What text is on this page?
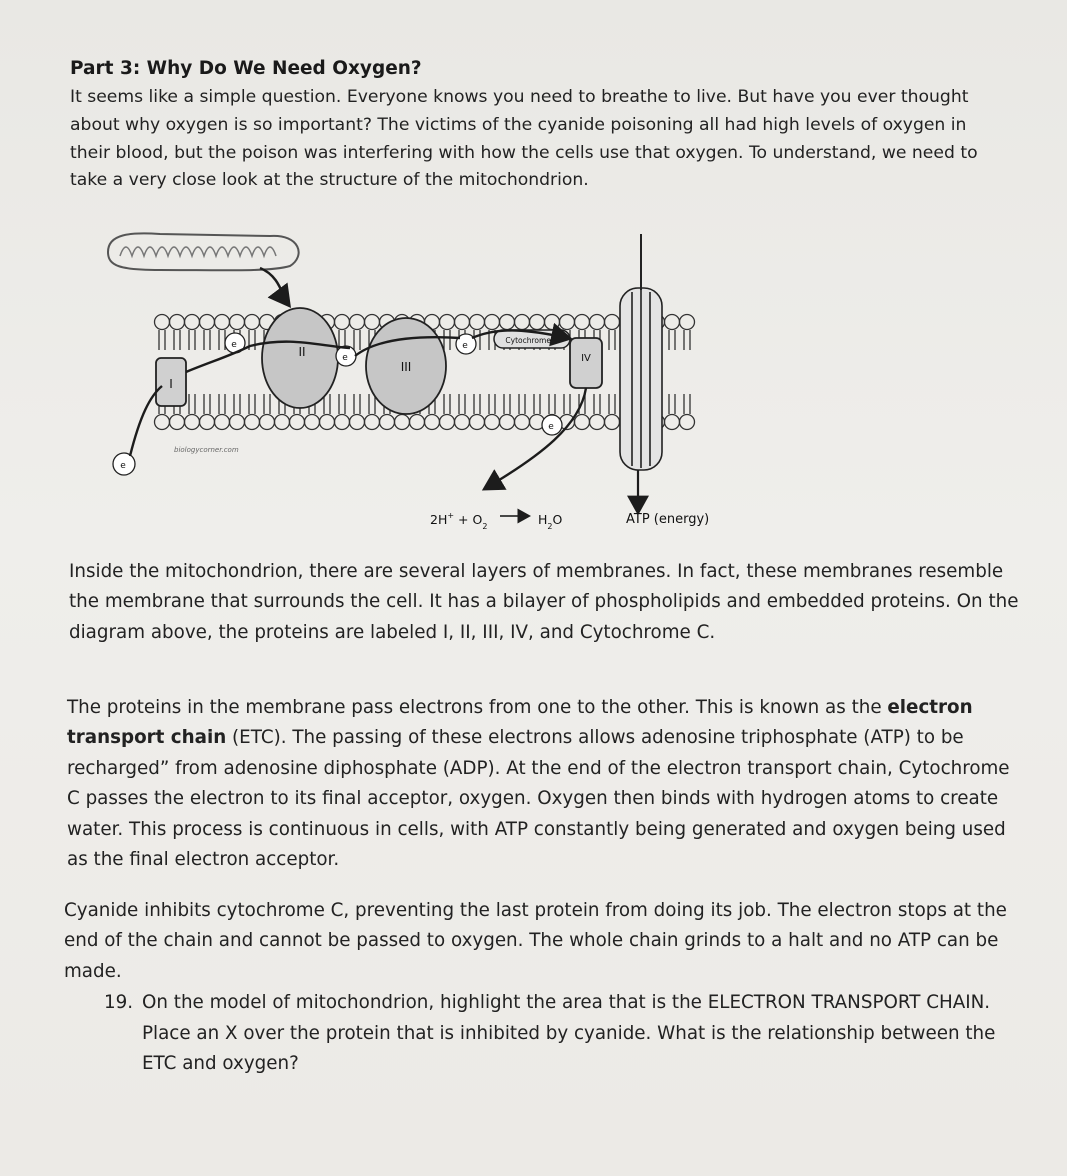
Part 3: Why Do We Need Oxygen?
It seems like a simple question. Everyone knows you need to breathe to live. But have you ever thought about why oxygen is so important? The victims of the cyanide poisoning all had high levels of oxygen in their blood, but the poison was interfering with how the cells use that oxygen. To understand, we need to take a very close look at the structure of the mitochondrion.
I
II
III
IV
Cytochrome C
e
e
e
e
e
biologycorner.com
$2H^+ + O_2$	$H_2O$	ATP (energy)
Inside the mitochondrion, there are several layers of membranes. In fact, these membranes resemble the membrane that surrounds the cell. It has a bilayer of phospholipids and embedded proteins. On the diagram above, the proteins are labeled I, II, III, IV, and Cytochrome C.
The proteins in the membrane pass electrons from one to the other. This is known as the electron transport chain (ETC). The passing of these electrons allows adenosine triphosphate (ATP) to be recharged” from adenosine diphosphate (ADP). At the end of the electron transport chain, Cytochrome C passes the electron to its final acceptor, oxygen. Oxygen then binds with hydrogen atoms to create water. This process is continuous in cells, with ATP constantly being generated and oxygen being used as the final electron acceptor.
Cyanide inhibits cytochrome C, preventing the last protein from doing its job. The electron stops at the end of the chain and cannot be passed to oxygen. The whole chain grinds to a halt and no ATP can be made.
19. On the model of mitochondrion, highlight the area that is the ELECTRON TRANSPORT CHAIN. Place an X over the protein that is inhibited by cyanide. What is the relationship between the ETC and oxygen?
